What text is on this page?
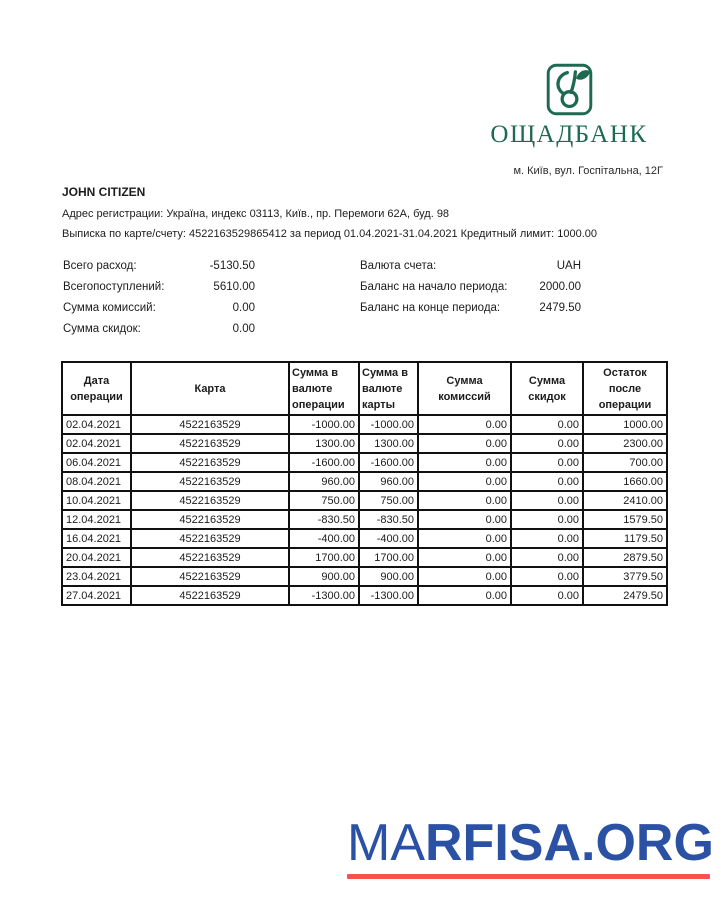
ОЩАДБАНК
м. Київ, вул. Госпітальна, 12Г
JOHN CITIZEN
Адрес регистрации: Україна, индекс 03113, Київ., пр. Перемоги 62А, буд. 98
Выписка по карте/счету: 4522163529865412 за период 01.04.2021-31.04.2021 Кредитный лимит: 1000.00
Всего расход:	-5130.50
Всегопоступлений:	5610.00
Сумма комиссий:	0.00
Сумма скидок:	0.00
Валюта счета:	UAH
Баланс на начало периода:	2000.00
Баланс на конце периода:	2479.50
Дата операции	Карта	Сумма в валюте операции	Сумма в валюте карты	Сумма комиссий	Сумма скидок	Остаток после операции
02.04.2021	4522163529	-1000.00	-1000.00	0.00	0.00	1000.00
02.04.2021	4522163529	1300.00	1300.00	0.00	0.00	2300.00
06.04.2021	4522163529	-1600.00	-1600.00	0.00	0.00	700.00
08.04.2021	4522163529	960.00	960.00	0.00	0.00	1660.00
10.04.2021	4522163529	750.00	750.00	0.00	0.00	2410.00
12.04.2021	4522163529	-830.50	-830.50	0.00	0.00	1579.50
16.04.2021	4522163529	-400.00	-400.00	0.00	0.00	1179.50
20.04.2021	4522163529	1700.00	1700.00	0.00	0.00	2879.50
23.04.2021	4522163529	900.00	900.00	0.00	0.00	3779.50
27.04.2021	4522163529	-1300.00	-1300.00	0.00	0.00	2479.50
MARFISA.ORG
